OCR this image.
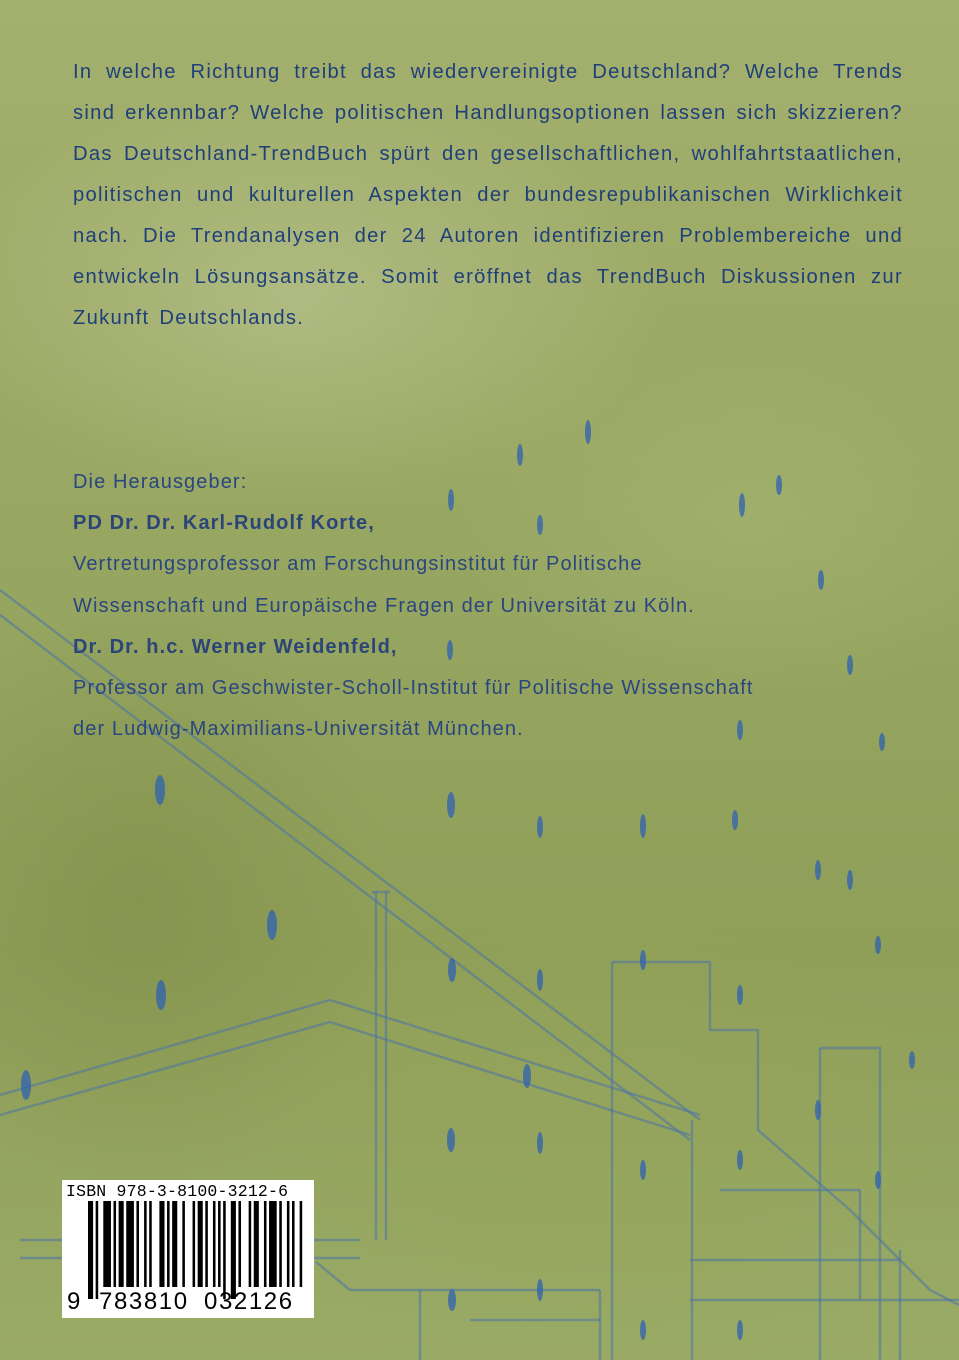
In welche Richtung treibt das wiedervereinigte Deutschland? Welche Trends sind erkennbar? Welche politischen Handlungsoptionen lassen sich skizzieren?

Das Deutschland-TrendBuch spürt den gesellschaftlichen, wohlfahrtstaatlichen, politischen und kulturellen Aspekten der bundesrepublikanischen Wirklichkeit nach. Die Trendanalysen der 24 Autoren identifizieren Problembereiche und entwickeln Lösungsansätze. Somit eröffnet das TrendBuch Diskussionen zur Zukunft Deutschlands.

Die Herausgeber:
PD Dr. Dr. Karl-Rudolf Korte,
Vertretungsprofessor am Forschungsinstitut für Politische
Wissenschaft und Europäische Fragen der Universität zu Köln.
Dr. Dr. h.c. Werner Weidenfeld,
Professor am Geschwister-Scholl-Institut für Politische Wissenschaft
der Ludwig-Maximilians-Universität München.
ISBN 978-3-8100-3212-6
9 783810 032126
